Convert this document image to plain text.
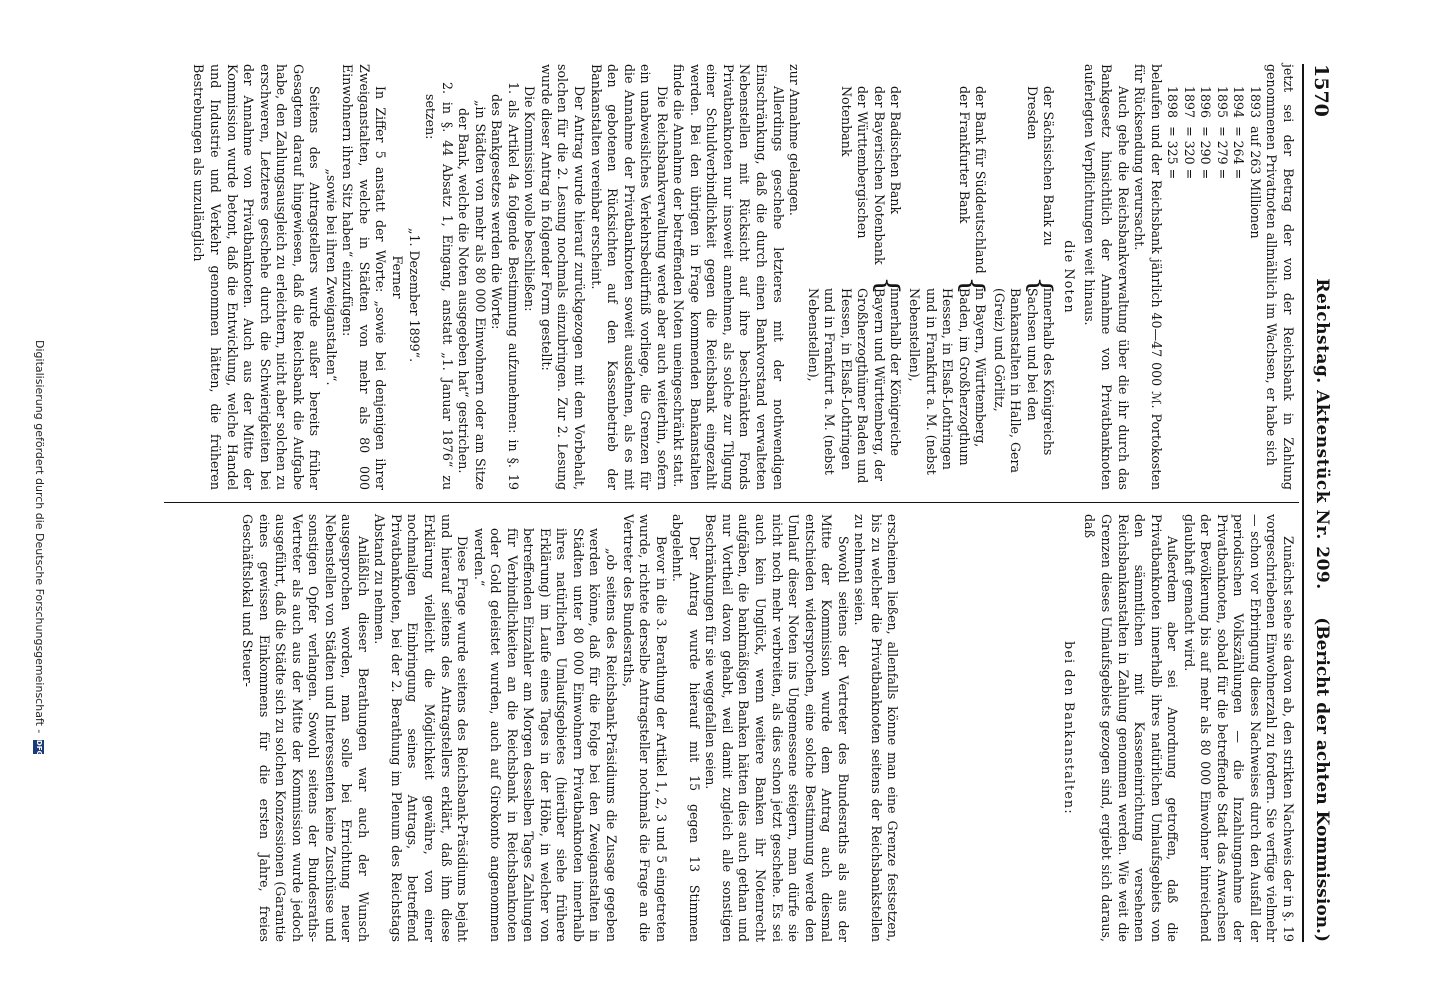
1570
Reichstag. Aktenstück Nr. 209.
(Bericht der achten Kommission.)

jetzt sei der Betrag der von der Reichsbank in Zahlung genommenen Privatnoten allmählich im Wachsen, er habe sich

1893	auf 263 Millionen
1894	= 264 =
1895	= 279 =
1896	= 290 =
1897	= 320 =
1898	= 325 =

belaufen und der Reichsbank jährlich 40—47 000 ℳ. Portokosten für Rücksendung verursacht.

Auch gehe die Reichsbankverwaltung über die ihr durch das Bankgesetz hinsichtlich der Annahme von Privatbanknoten auferlegten Verpflichtungen weit hinaus.

die Noten

der Sächsischen Bank zu Dresden
{
innerhalb des Königreichs Sachsen und bei den Bankanstalten in Halle, Gera (Greiz) und Görlitz,
der Bank für Süddeutschland
der Frankfurter Bank
{
in Bayern, Württemberg, Baden, im Großherzogthum Hessen, in Elsaß-Lothringen und in Frankfurt a. M. (nebst Nebenstellen),
der Badischen Bank
der Bayerischen Notenbank
der Württembergischen Notenbank
{
innerhalb der Königreiche Bayern und Württemberg, der Großherzogthümer Baden und Hessen, in Elsaß-Lothringen und in Frankfurt a. M. (nebst Nebenstellen),

zur Annahme gelangen.

Allerdings geschehe letzteres mit der nothwendigen Einschränkung, daß die durch einen Bankvorstand verwalteten Nebenstellen mit Rücksicht auf ihre beschränkten Fonds Privatbanknoten nur insoweit annehmen, als solche zur Tilgung einer Schuldverbindlichkeit gegen die Reichsbank eingezahlt werden. Bei den übrigen in Frage kommenden Bankanstalten finde die Annahme der betreffenden Noten uneingeschränkt statt.

Die Reichsbankverwaltung werde aber auch weiterhin, sofern ein unabweisliches Verkehrsbedürfniß vorliege, die Grenzen für die Annahme der Privatbanknoten soweit ausdehnen, als es mit den gebotenen Rücksichten auf den Kassenbetrieb der Bankanstalten vereinbar erscheint.

Der Antrag wurde hierauf zurückgezogen mit dem Vorbehalt, solchen für die 2. Lesung nochmals einzubringen. Zur 2. Lesung wurde dieser Antrag in folgender Form gestellt:

Die Kommission wolle beschließen:

1. als Artikel 4a folgende Bestimmung aufzunehmen: in §. 19 des Bankgesetzes werden die Worte:

„in Städten von mehr als 80 000 Einwohnern oder am Sitze der Bank, welche die Noten ausgegeben hat“ gestrichen.

2. in §. 44 Absatz 1, Eingang, anstatt „1. Januar 1876“ zu setzen:

„1. Dezember 1899“.

Ferner

In Ziffer 5 anstatt der Worte: „sowie bei denjenigen ihrer Zweiganstalten, welche in Städten von mehr als 80 000 Einwohnern ihren Sitz haben“ einzufügen:

„sowie bei ihren Zweiganstalten“.

Seitens des Antragstellers wurde außer bereits früher Gesagtem darauf hingewiesen, daß die Reichsbank die Aufgabe habe, den Zahlungsausgleich zu erleichtern, nicht aber solchen zu erschweren, Letzteres geschehe durch die Schwierigkeiten bei der Annahme von Privatbanknoten. Auch aus der Mitte der Kommission wurde betont, daß die Entwicklung, welche Handel und Industrie und Verkehr genommen hätten, die früheren Bestrebungen als unzulänglich

Zunächst sehe sie davon ab, den strikten Nachweis der in §. 19 vorgeschriebenen Einwohnerzahl zu fordern. Sie verfüge vielmehr — schon vor Erbringung dieses Nachweises durch den Ausfall der periodischen Volkszählungen — die Inzahlungnahme der Privatbanknoten, sobald für die betreffende Stadt das Anwachsen der Bevölkerung bis auf mehr als 80 000 Einwohner hinreichend glaubhaft gemacht wird.

Außerdem aber sei Anordnung getroffen, daß die Privatbanknoten innerhalb ihres natürlichen Umlaufsgebiets von den sämmtlichen mit Kasseneinrichtung versehenen Reichsbankanstalten in Zahlung genommen werden. Wie weit die Grenzen dieses Umlaufsgebiets gezogen sind, ergiebt sich daraus, daß

bei den Bankanstalten:

erscheinen ließen, allenfalls könne man eine Grenze festsetzen, bis zu welcher die Privatbanknoten seitens der Reichsbankstellen zu nehmen seien.

Sowohl seitens der Vertreter des Bundesraths als aus der Mitte der Kommission wurde dem Antrag auch diesmal entschieden widersprochen, eine solche Bestimmung werde den Umlauf dieser Noten ins Ungemessene steigern, man dürfe sie nicht noch mehr verbreiten, als dies schon jetzt geschehe. Es sei auch kein Unglück, wenn weitere Banken ihr Notenrecht aufgäben, die bankmäßigen Banken hätten dies auch gethan und nur Vortheil davon gehabt, weil damit zugleich alle sonstigen Beschränkungen für sie weggefallen seien.

Der Antrag wurde hierauf mit 15 gegen 13 Stimmen abgelehnt.

Bevor in die 3. Berathung der Artikel 1, 2, 3 und 5 eingetreten wurde, richtete derselbe Antragsteller nochmals die Frage an die Vertreter des Bundesraths,

„ob seitens des Reichsbank-Präsidiums die Zusage gegeben werden könne, daß für die Folge bei den Zweiganstalten in Städten unter 80 000 Einwohnern Privatbanknoten innerhalb ihres natürlichen Umlaufsgebietes (hierüber siehe frühere Erklärung) im Laufe eines Tages in der Höhe, in welcher von betreffenden Einzahler am Morgen desselben Tages Zahlungen für Verbindlichkeiten an die Reichsbank in Reichsbanknoten oder Gold geleistet wurden, auch auf Girokonto angenommen werden.“

Diese Frage wurde seitens des Reichsbank-Präsidiums bejaht und hierauf seitens des Antragstellers erklärt, daß ihm diese Erklärung vielleicht die Möglichkeit gewähre, von einer nochmaligen Einbringung seines Antrags, betreffend Privatbanknoten, bei der 2. Berathung im Plenum des Reichstags Abstand zu nehmen.

Anläßlich dieser Berathungen war auch der Wunsch ausgesprochen worden, man solle bei Errichtung neuer Nebenstellen von Städten und Interessenten keine Zuschüsse und sonstigen Opfer verlangen. Sowohl seitens der Bundesraths-Vertreter als auch aus der Mitte der Kommission wurde jedoch ausgeführt, daß die Städte sich zu solchen Konzessionen (Garantie eines gewissen Einkommens für die ersten Jahre, freies Geschäftslokal und Steuer-

Digitalisierung gefördert durch die Deutsche Forschungsgemeinschaft - DFG
